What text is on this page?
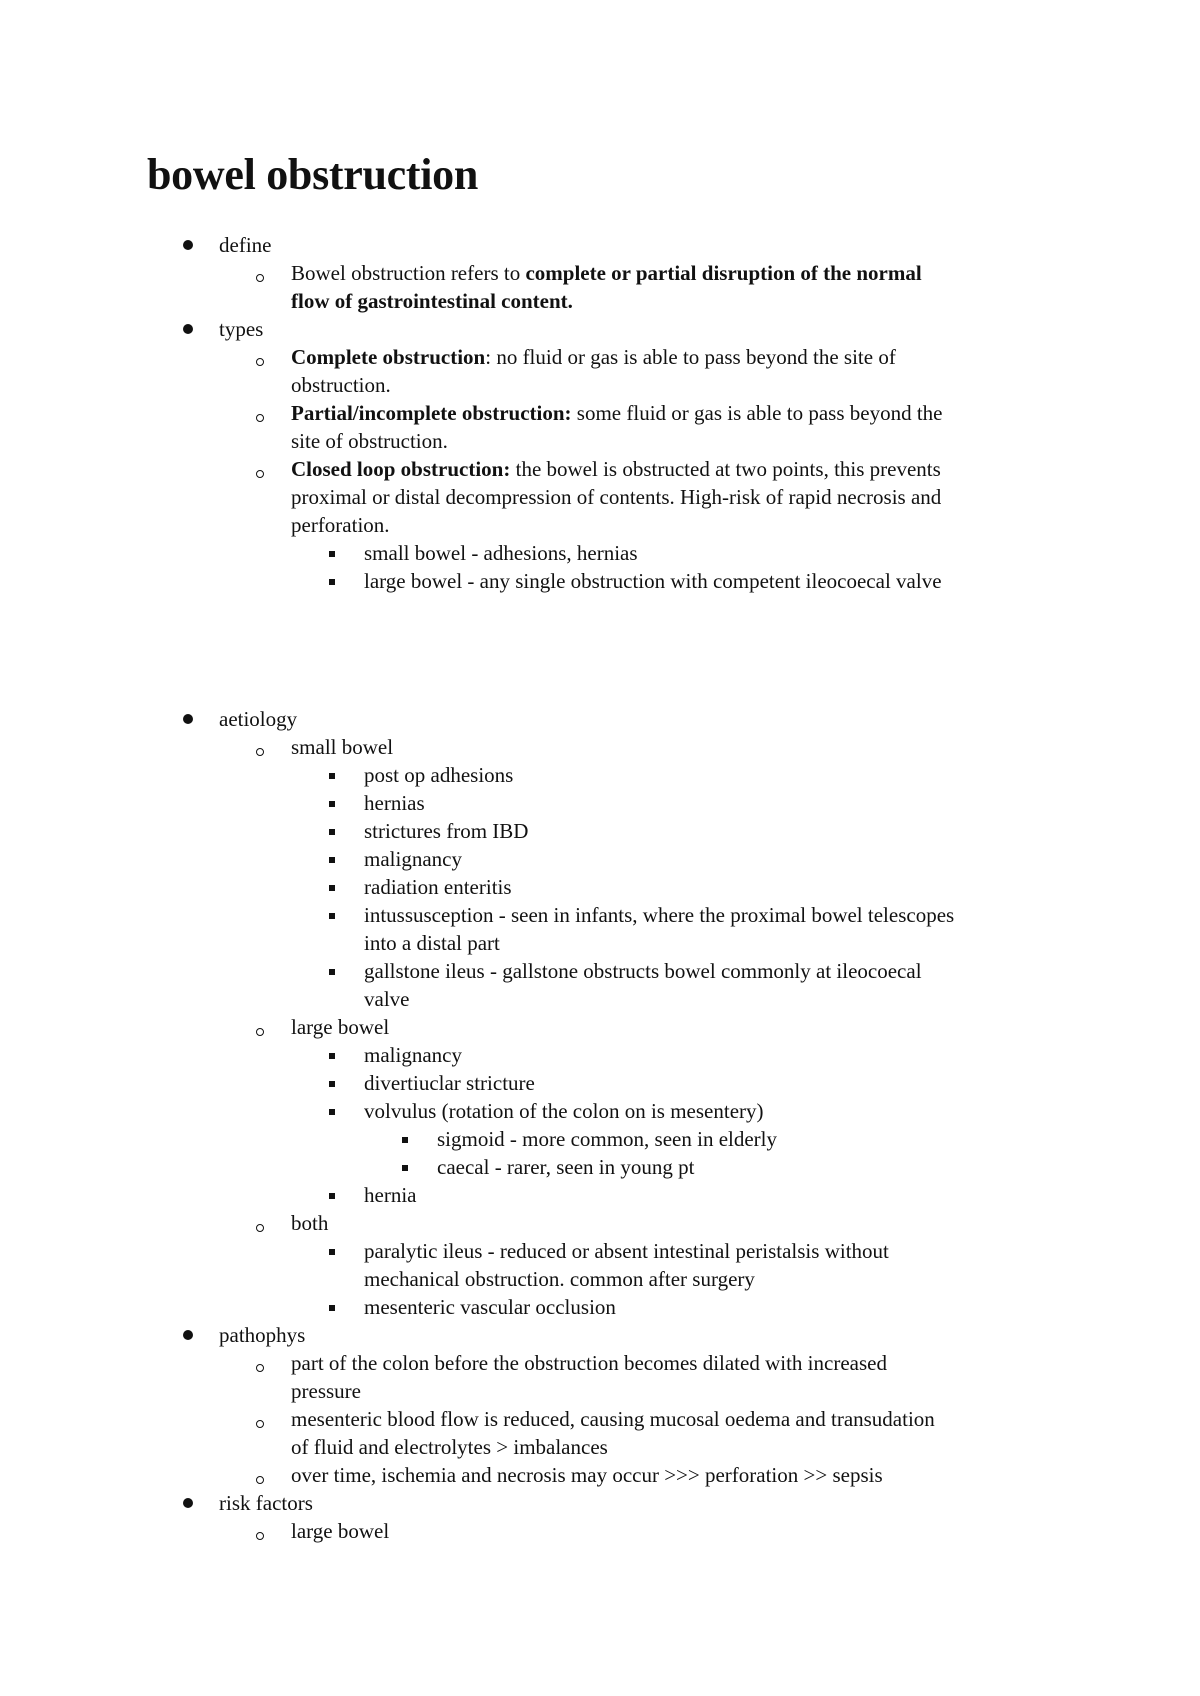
bowel obstruction
define
Bowel obstruction refers to complete or partial disruption of the normal
flow of gastrointestinal content.
types
Complete obstruction: no fluid or gas is able to pass beyond the site of
obstruction.
Partial/incomplete obstruction: some fluid or gas is able to pass beyond the
site of obstruction.
Closed loop obstruction: the bowel is obstructed at two points, this prevents
proximal or distal decompression of contents. High-risk of rapid necrosis and
perforation.
small bowel - adhesions, hernias
large bowel - any single obstruction with competent ileocoecal valve
aetiology
small bowel
post op adhesions
hernias
strictures from IBD
malignancy
radiation enteritis
intussusception - seen in infants, where the proximal bowel telescopes
into a distal part
gallstone ileus - gallstone obstructs bowel commonly at ileocoecal
valve
large bowel
malignancy
divertiuclar stricture
volvulus (rotation of the colon on is mesentery)
sigmoid - more common, seen in elderly
caecal - rarer, seen in young pt
hernia
both
paralytic ileus - reduced or absent intestinal peristalsis without
mechanical obstruction. common after surgery
mesenteric vascular occlusion
pathophys
part of the colon before the obstruction becomes dilated with increased
pressure
mesenteric blood flow is reduced, causing mucosal oedema and transudation
of fluid and electrolytes > imbalances
over time, ischemia and necrosis may occur >>> perforation >> sepsis
risk factors
large bowel
